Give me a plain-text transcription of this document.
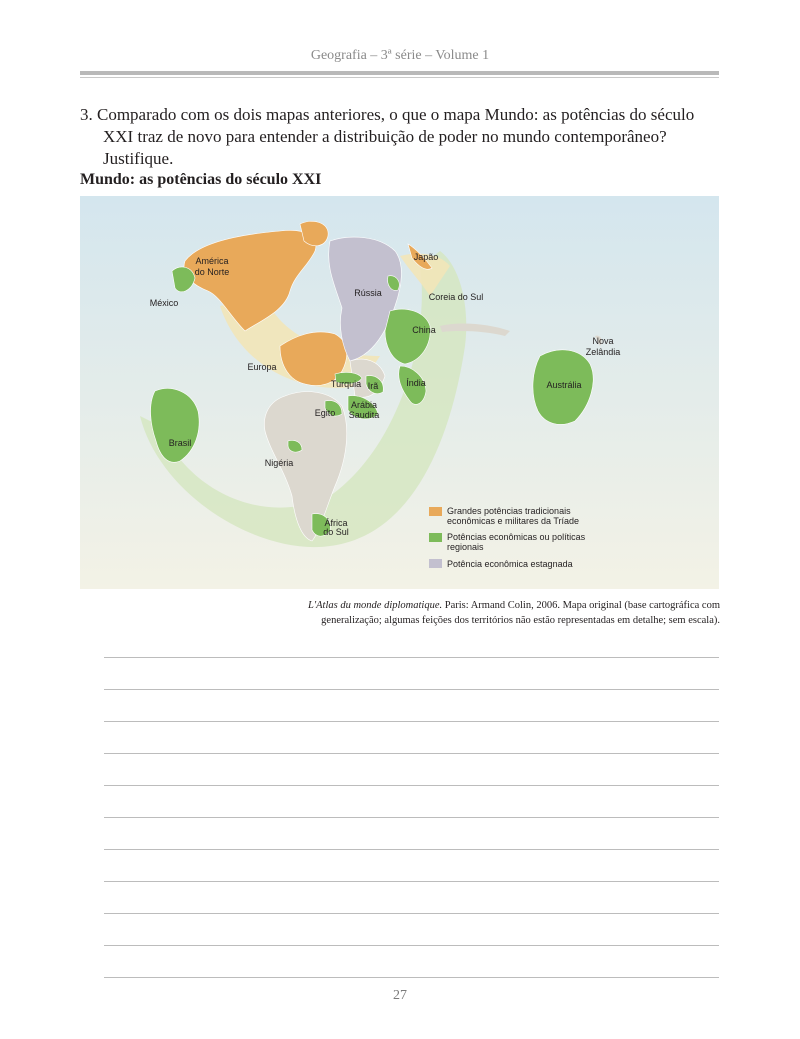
Geografia – 3ª série – Volume 1
3. Comparado com os dois mapas anteriores, o que o mapa Mundo: as potências do século XXI traz de novo para entender a distribuição de poder no mundo contemporâneo? Justifique.
Mundo: as potências do século XXI
América
do Norte
México
Rússia
Japão
Coreia do Sul
China
Nova
Zelândia
Europa
Turquia Irã	Índia
Arábia
Saudita
Egito
Austrália
Brasil
Nigéria
África
do Sul
Grandes potências tradicionais
econômicas e militares da Tríade
Potências econômicas ou políticas
regionais
Potência econômica estagnada
L'Atlas du monde diplomatique. Paris: Armand Colin, 2006. Mapa original (base cartográfica com generalização; algumas feições dos territórios não estão representadas em detalhe; sem escala).
27
